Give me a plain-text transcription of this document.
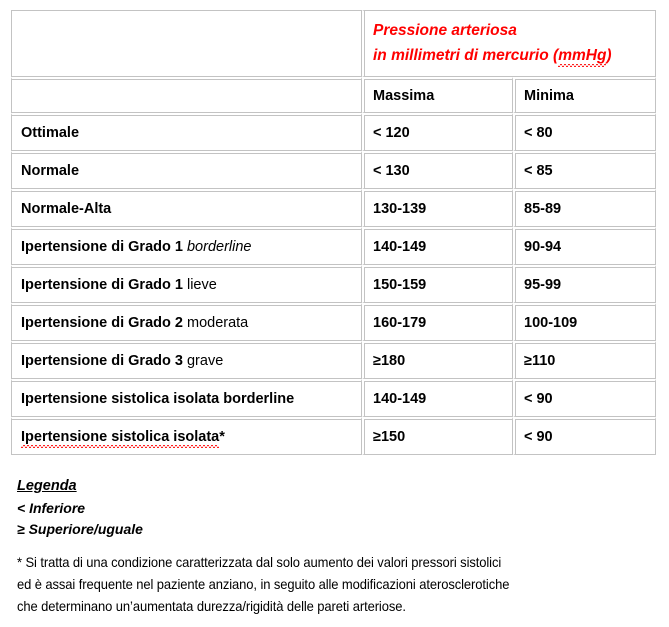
	Pressione arteriosa
in millimetri di mercurio (mmHg)	

	Massima	Minima
Ottimale	< 120	< 80
Normale	< 130	< 85
Normale-Alta	130-139	85-89
Ipertensione di Grado 1 borderline	140-149	90-94
Ipertensione di Grado 1 lieve	150-159	95-99
Ipertensione di Grado 2 moderata	160-179	100-109
Ipertensione di Grado 3 grave	≥180	≥110
Ipertensione sistolica isolata borderline	140-149	< 90
Ipertensione sistolica isolata*	≥150	< 90
Legenda
< Inferiore
≥ Superiore/uguale
* Si tratta di una condizione caratterizzata dal solo aumento dei valori pressori sistolici
ed è assai frequente nel paziente anziano, in seguito alle modificazioni aterosclerotiche
che determinano un’aumentata durezza/rigidità delle pareti arteriose.
